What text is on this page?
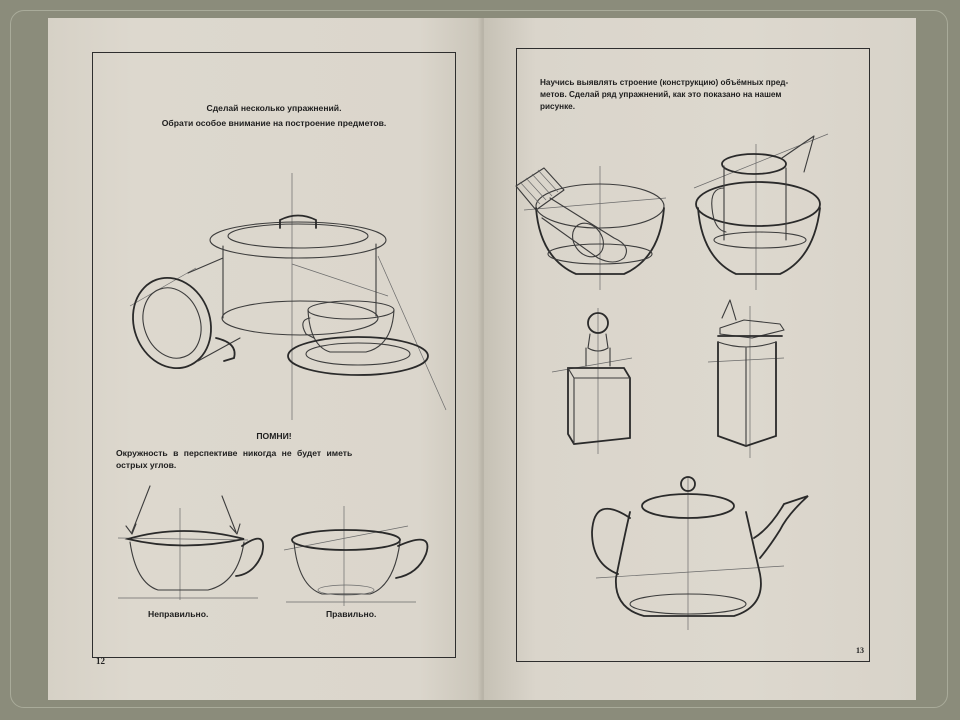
Сделай несколько упражнений.
Обрати особое внимание на построение предметов.
ПОМНИ!
Окружность в перспективе никогда не будет иметь
острых углов.
Неправильно.	Правильно.
12
Научись выявлять строение (конструкцию) объёмных пред-
метов. Сделай ряд упражнений, как это показано на нашем
рисунке.
13
